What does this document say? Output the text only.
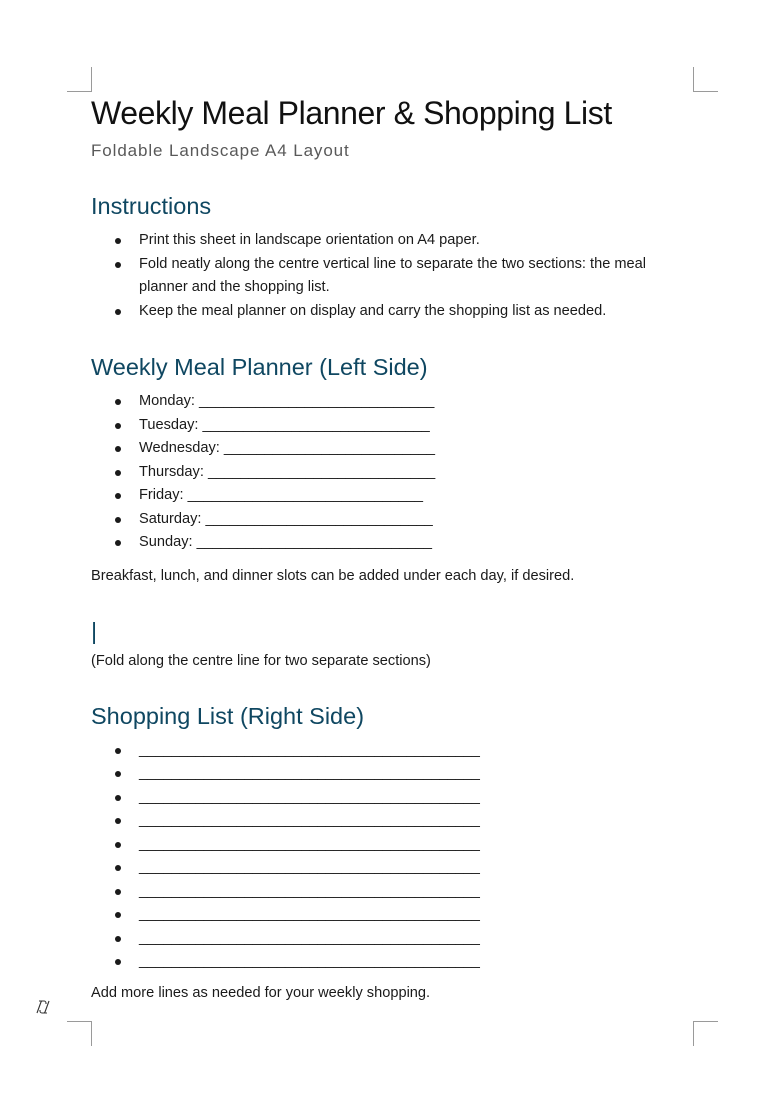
Weekly Meal Planner & Shopping List
Foldable Landscape A4 Layout
Instructions
Print this sheet in landscape orientation on A4 paper.
Fold neatly along the centre vertical line to separate the two sections: the meal planner and the shopping list.
Keep the meal planner on display and carry the shopping list as needed.
Weekly Meal Planner (Left Side)
Monday: _____________________________
Tuesday: ____________________________
Wednesday: __________________________
Thursday: ____________________________
Friday: _____________________________
Saturday: ____________________________
Sunday: _____________________________

Breakfast, lunch, and dinner slots can be added under each day, if desired.

|

(Fold along the centre line for two separate sections)

Shopping List (Right Side)
__________________________________________
__________________________________________
__________________________________________
__________________________________________
__________________________________________
__________________________________________
__________________________________________
__________________________________________
__________________________________________
__________________________________________

Add more lines as needed for your weekly shopping.
